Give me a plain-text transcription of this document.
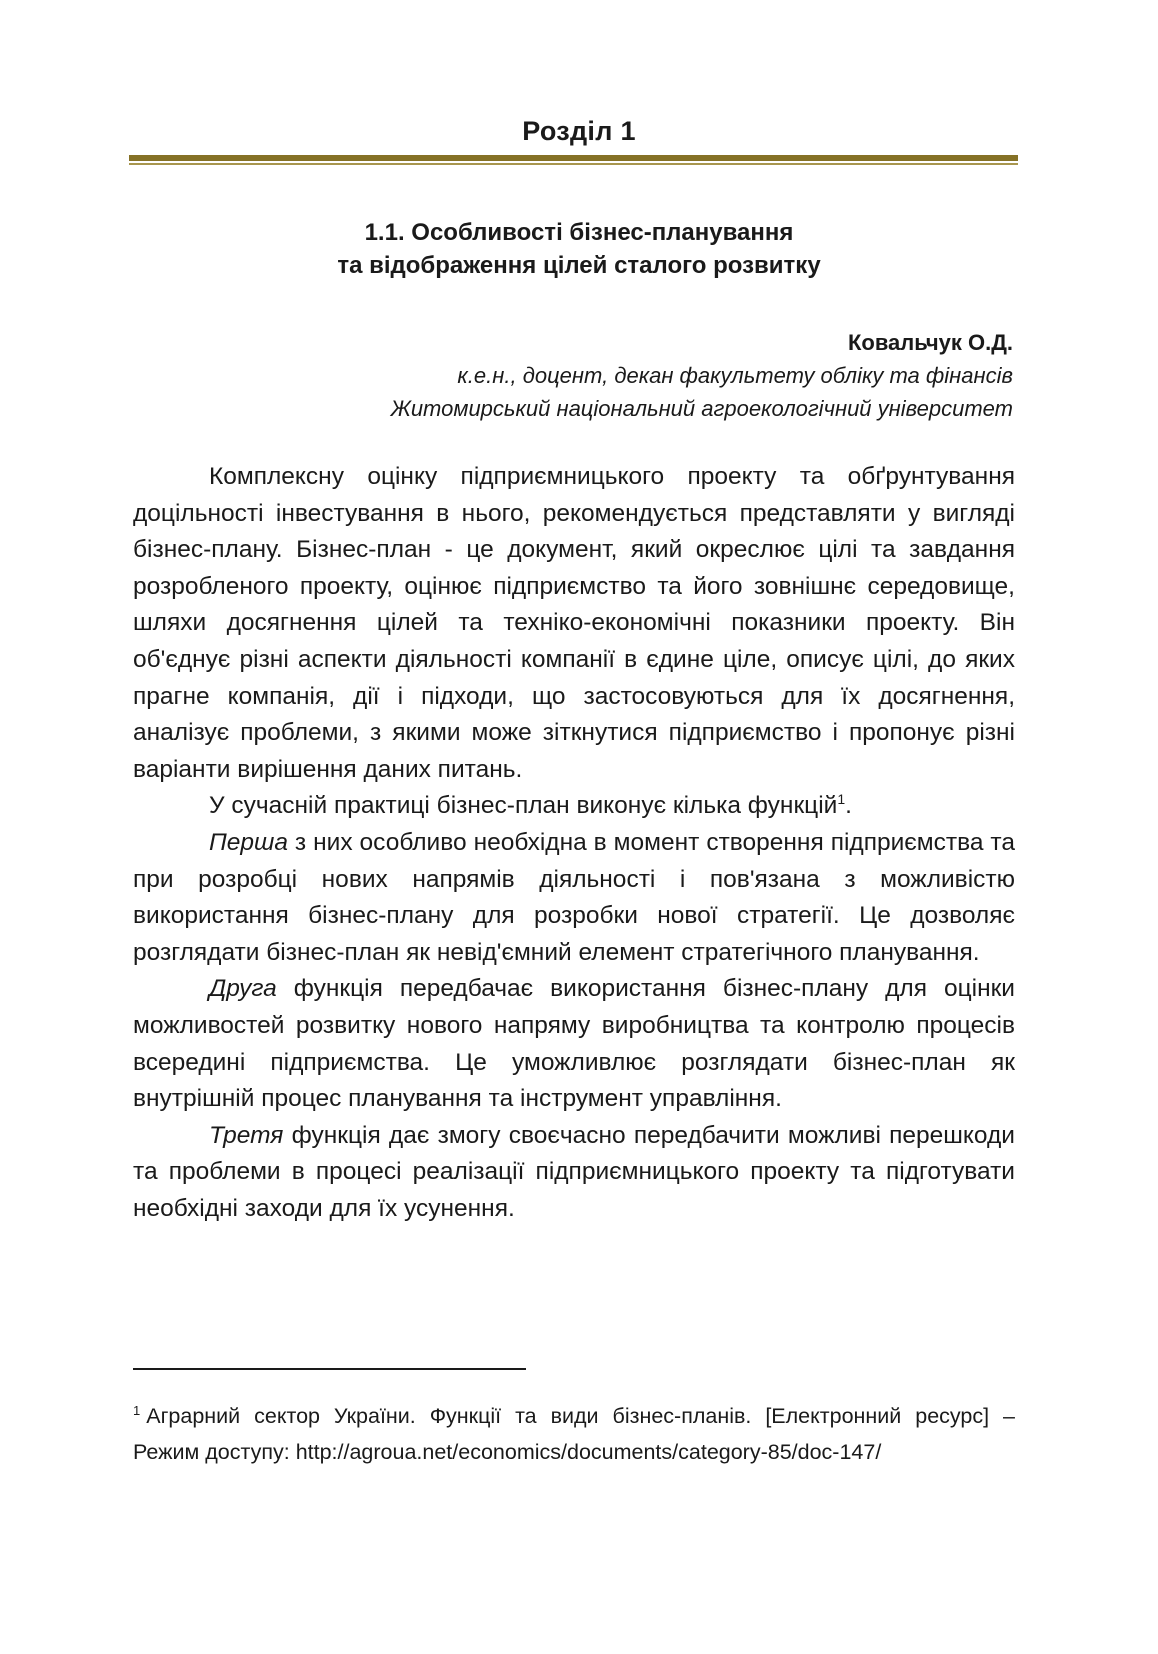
Розділ 1
1.1. Особливості бізнес-планування
та відображення цілей сталого розвитку
Ковальчук О.Д.
к.е.н., доцент, декан факультету обліку та фінансів
Житомирський національний агроекологічний університет

Комплексну оцінку підприємницького проекту та обґрунтування доцільності інвестування в нього, рекомендується представляти у вигляді бізнес-плану. Бізнес-план - це документ, який окреслює цілі та завдання розробленого проекту, оцінює підприємство та його зовнішнє середовище, шляхи досягнення цілей та техніко-економічні показники проекту. Він об'єднує різні аспекти діяльності компанії в єдине ціле, описує цілі, до яких прагне компанія, дії і підходи, що застосовуються для їх досягнення, аналізує проблеми, з якими може зіткнутися підприємство і пропонує різні варіанти вирішення даних питань.

У сучасній практиці бізнес-план виконує кілька функцій$^1$.

Перша з них особливо необхідна в момент створення підприємства та при розробці нових напрямів діяльності і пов'язана з можливістю використання бізнес-плану для розробки нової стратегії. Це дозволяє розглядати бізнес-план як невід'ємний елемент стратегічного планування.

Друга функція передбачає використання бізнес-плану для оцінки можливостей розвитку нового напряму виробництва та контролю процесів всередині підприємства. Це уможливлює розглядати бізнес-план як внутрішній процес планування та інструмент управління.

Третя функція дає змогу своєчасно передбачити можливі перешкоди та проблеми в процесі реалізації підприємницького проекту та підготувати необхідні заходи для їх усунення.

$^1$ Аграрний сектор України. Функції та види бізнес-планів. [Електронний ресурс] – Режим доступу: http://agroua.net/economics/documents/category-85/doc-147/
